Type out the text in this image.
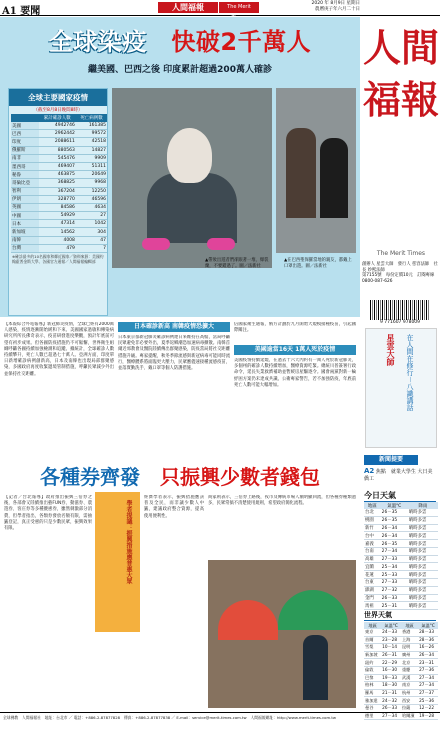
A1 要聞	人間福報	The Merit
2020 年 8月9日 星期日
農曆庚子年六月二十日
全球染疫　 快破2千萬人
繼美國、巴西之後 印度累計超過200萬人確診
全球主要國家疫情
（截至8月8日晚間8時）
	累計確診人數	死亡病例數
美國	4942746	161385
巴西	2962442	99572
印度	2088611	42518
俄羅斯	880563	14827
南非	545476	9909
墨西哥	469407	51311
秘魯	463875	20649
哥倫比亞	368825	9968
智利	367204	12250
伊朗	328770	46596
英國	84586	4634
中國	54929	27
日本	47314	1042
新加坡	14562	304
南韓	4008	47
台灣	479	7
※確診最多的10名國家和鄰近國家／資料來源：美國約翰霍普金斯大學、各國官方通報／人間福報編輯部	▲帶妝出遊者們卻跟著一堆、爆裂蘭，不要錯過了。圖／法新社
▲在巴西聖保羅當地的親友，都戴上口罩出遊。圖／法新社
【本報綜合外電報導】新冠肺炎疫情，全球已經有2000萬人感染，疫情逐漸開始緩和下來。美國國家過敏和傳染病研究所所長佛奇表示，疫苗研發進度樂觀，預計年底前可望有初步成果。但各國防疫措施仍不可鬆懈，世界衛生組織呼籲各國持續加強檢測和追蹤。據統計，全球確診人數持續攀升，死亡人數已超過七十萬人。亞洲方面，印度單日新增確診病例創新高，日本及南韓也出現局部群聚感染，多國政府再度收緊邊境管制措施，呼籲民眾減少外出並保持社交距離。
日本確診新高 南韓疫情恐擴大
日本東京都新冠肺炎確診病例連日來維持在高檔，當局呼籲民眾避免非必要外出，夏季返鄉潮恐加速病毒擴散。南韓首爾近郊教會及醫院陸續傳出群聚感染，防疫當局將社交距離措施升級。專家提醒，秋冬季節流感與新冠病毒可能同時流行，醫療體系將面臨更大壓力，民眾應儘速接種流感疫苗，並落實勤洗手、戴口罩等個人防護措施。
信國家衛生通報，俄方計劃於九月開始大規模接種疫苗，引起國際關注。
美國逾當16天 1萬人死於疫情
美國疫情持續延燒，在過去十六天內約有一萬人死於新冠肺炎，多個州的確診人數持續增加，醫療資源吃緊。總統川普簽署行政命令，延長失業救濟補助並暫緩房屋驅逐令。國會兩黨對新一輪紓困方案仍未達成共識。公衛專家警告，若不加強防疫，年底前死亡人數可能大幅增加。
各種券齊發　 只振興少數者錢包
學者提議：振興措施應普惠大眾
【記者／台北報導】政府推出振興三倍券之後，各部會又陸續推出藝FUN券、動滋券、農遊券、客庄券等多種優惠券，雖然刺激部分消費，但學者指出，各類券發放名額有限，需抽籤登記，真正受惠的只是少數民眾，振興效果有限。
經濟學者表示，振興措施應該普及全民，而非讓少數人中籤，建議政府整合資源，提高使用便利性。
商家則表示，三倍券上路後，夜市及傳統市場人潮明顯回流，但各種券種類過多，民眾常搞不清楚使用規則，希望政府簡化流程。
人間福報
The Merit Times
創辦人 星雲大師　發行人 慈容法師　社長 妙熙法師
第7155號　每份定價10元　訂閱專線 0800-087-626
9 771607 978009
星雲大師 在人間在修行－八識講話
新聞提要
A2 焦點　就業大學生 大日美僑工
今日天氣
地區	氣溫°C	降雨
台北	26－35	晴時多雲
桃園	26－35	晴時多雲
新竹	26－34	晴時多雲
台中	26－34	晴時多雲
嘉義	26－35	晴時多雲
台南	27－34	晴時多雲
高雄	27－33	晴時多雲
宜蘭	25－34	晴時多雲
花蓮	25－33	晴時多雲
台東	27－33	晴時多雲
澎湖	27－32	晴時多雲
金門	26－33	晴時多雲
馬祖	25－31	晴時多雲
世界天氣
地區	氣溫°C	地區	氣溫°C
東京	24－33	香港	28－33
首爾	23－28	上海	28－36
雪梨	10－14	昆明	16－26
新加坡	26－31	廣州	26－34
紐約	22－29	北京	23－31
倫敦	16－30	重慶	27－36
巴黎	19－33	武漢	27－34
柏林	18－30	南京	27－34
羅馬	21－31	杭州	27－37
雅加達	24－32	西安	25－36
曼谷	26－33	拉薩	12－22
德里	27－34	哈爾濱	19－28
全球佛教　人間福報社　地址：台北市 ／ 電話：+886-2-87877828　傳真：+886-2-87877838 ／ E-mail：service@merit-times.com.tw　人間福報網址：http://www.merit-times.com.tw
